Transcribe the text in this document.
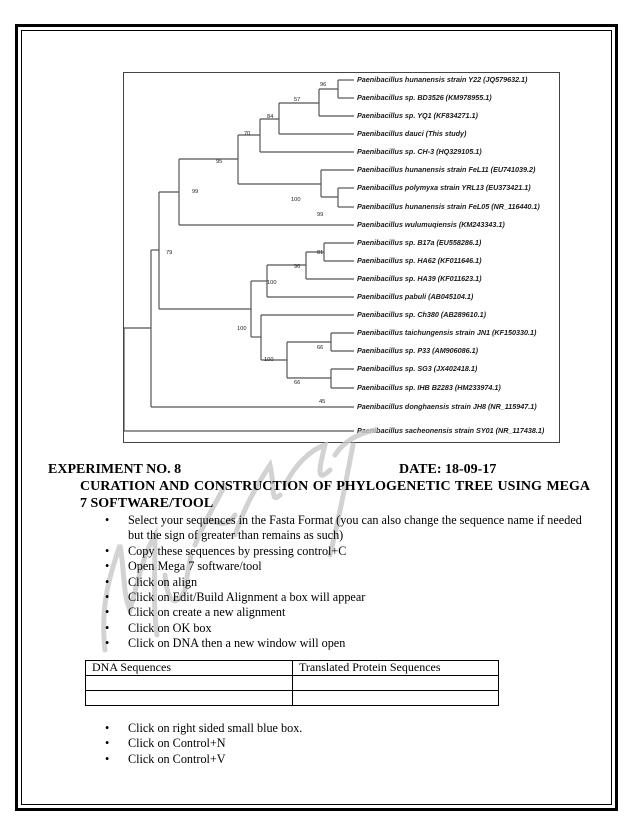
96
57
84
70
95
100
99
99
81
96
100
66
100
66
45
100
79
Paenibacillus hunanensis strain Y22 (JQ579632.1)
Paenibacillus sp. BD3526 (KM978955.1)
Paenibacillus sp. YQ1 (KF834271.1)
Paenibacillus dauci (This study)
Paenibacillus sp. CH-3 (HQ329105.1)
Paenibacillus hunanensis strain FeL11 (EU741039.2)
Paenibacillus polymyxa strain YRL13 (EU373421.1)
Paenibacillus hunanensis strain FeL05 (NR_116440.1)
Paenibacillus wulumuqiensis (KM243343.1)
Paenibacillus sp. B17a (EU558286.1)
Paenibacillus sp. HA62 (KF011646.1)
Paenibacillus sp. HA39 (KF011623.1)
Paenibacillus pabuli (AB045104.1)
Paenibacillus sp. Ch380 (AB289610.1)
Paenibacillus taichungensis strain JN1 (KF150330.1)
Paenibacillus sp. P33 (AM906086.1)
Paenibacillus sp. SG3 (JX402418.1)
Paenibacillus sp. IHB B2283 (HM233974.1)
Paenibacillus donghaensis strain JH8 (NR_115947.1)
Paenibacillus sacheonensis strain SY01 (NR_117438.1)
EXPERIMENT NO. 8	DATE: 18-09-17
CURATION AND CONSTRUCTION OF PHYLOGENETIC TREE USING MEGA 7 SOFTWARE/TOOL
• Select your sequences in the Fasta Format (you can also change the sequence name if needed but the sign of greater than remains as such)
• Copy these sequences by pressing control+C
• Open Mega 7 software/tool
• Click on align
• Click on Edit/Build Alignment a box will appear
• Click on create a new alignment
• Click on OK box
• Click on DNA then a new window will open
DNA Sequences	Translated Protein Sequences

• Click on right sided small blue box.
• Click on Control+N
• Click on Control+V
